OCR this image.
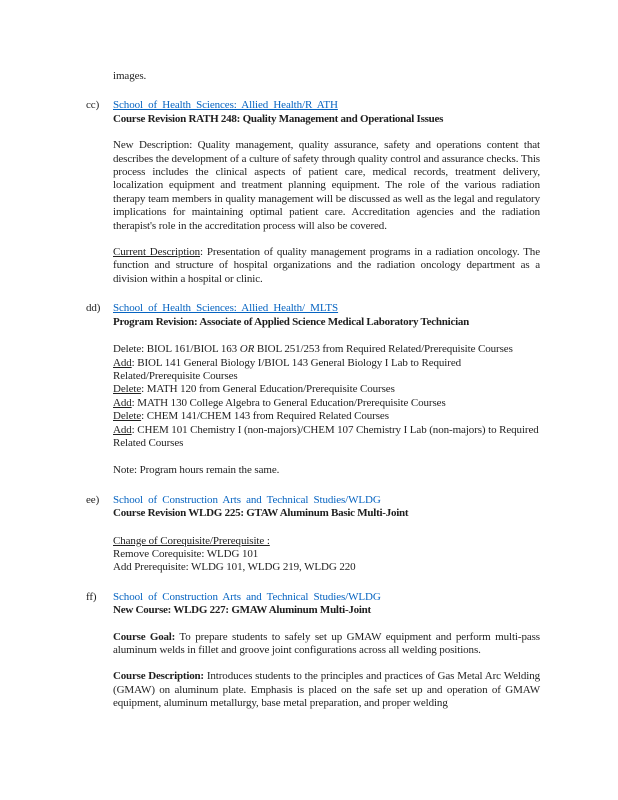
images.
cc) School of Health Sciences: Allied Health/R ATH
Course Revision RATH 248: Quality Management and Operational Issues
New Description: Quality management, quality assurance, safety and operations content that describes the development of a culture of safety through quality control and assurance checks. This process includes the clinical aspects of patient care, medical records, treatment delivery, localization equipment and treatment planning equipment. The role of the various radiation therapy team members in quality management will be discussed as well as the legal and regulatory implications for maintaining optimal patient care. Accreditation agencies and the radiation therapist's role in the accreditation process will also be covered.
Current Description: Presentation of quality management programs in a radiation oncology. The function and structure of hospital organizations and the radiation oncology department as a division within a hospital or clinic.
dd) School of Health Sciences: Allied Health/ MLTS
Program Revision: Associate of Applied Science Medical Laboratory Technician
Delete: BIOL 161/BIOL 163 OR BIOL 251/253 from Required Related/Prerequisite Courses
Add: BIOL 141 General Biology I/BIOL 143 General Biology I Lab to Required Related/Prerequisite Courses
Delete: MATH 120 from General Education/Prerequisite Courses
Add: MATH 130 College Algebra to General Education/Prerequisite Courses
Delete: CHEM 141/CHEM 143 from Required Related Courses
Add: CHEM 101 Chemistry I (non-majors)/CHEM 107 Chemistry I Lab (non-majors) to Required Related Courses
Note: Program hours remain the same.
ee) School of Construction Arts and Technical Studies/WLDG
Course Revision WLDG 225: GTAW Aluminum Basic Multi-Joint
Change of Corequisite/Prerequisite :
Remove Corequisite: WLDG 101
Add Prerequisite: WLDG 101, WLDG 219, WLDG 220
ff) School of Construction Arts and Technical Studies/WLDG
New Course: WLDG 227: GMAW Aluminum Multi-Joint
Course Goal: To prepare students to safely set up GMAW equipment and perform multi-pass aluminum welds in fillet and groove joint configurations across all welding positions.
Course Description: Introduces students to the principles and practices of Gas Metal Arc Welding (GMAW) on aluminum plate. Emphasis is placed on the safe set up and operation of GMAW equipment, aluminum metallurgy, base metal preparation, and proper welding
